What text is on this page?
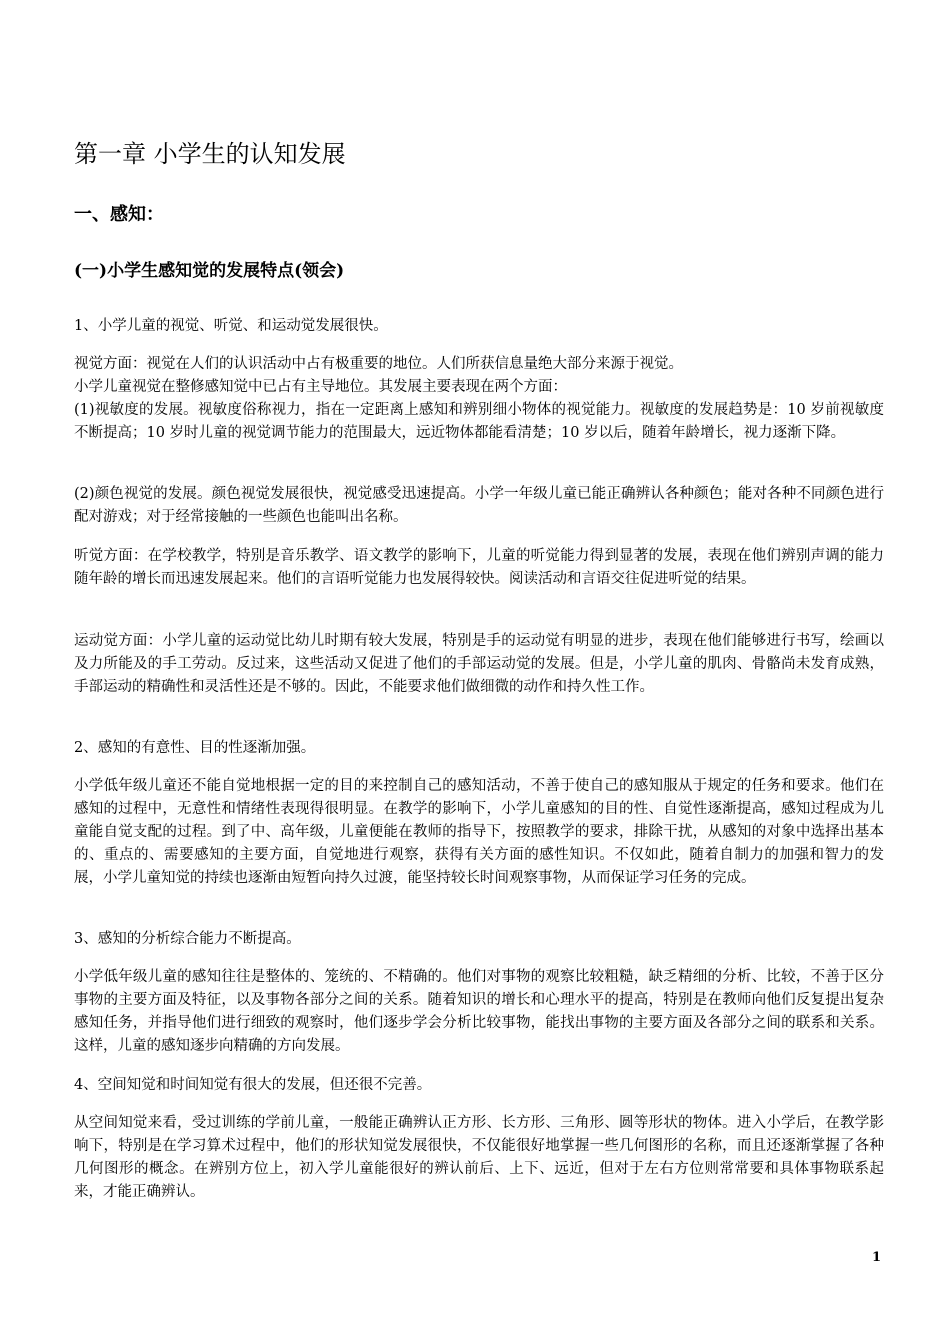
第一章 小学生的认知发展
一、感知：
(一)小学生感知觉的发展特点(领会)

1、小学儿童的视觉、听觉、和运动觉发展很快。

视觉方面：视觉在人们的认识活动中占有极重要的地位。人们所获信息量绝大部分来源于视觉。

小学儿童视觉在整修感知觉中已占有主导地位。其发展主要表现在两个方面：

(1)视敏度的发展。视敏度俗称视力，指在一定距离上感知和辨别细小物体的视觉能力。视敏度的发展趋势是：10 岁前视敏度不断提高；10 岁时儿童的视觉调节能力的范围最大，远近物体都能看清楚；10 岁以后，随着年龄增长，视力逐渐下降。

(2)颜色视觉的发展。颜色视觉发展很快，视觉感受迅速提高。小学一年级儿童已能正确辨认各种颜色；能对各种不同颜色进行配对游戏；对于经常接触的一些颜色也能叫出名称。

听觉方面：在学校教学，特别是音乐教学、语文教学的影响下，儿童的听觉能力得到显著的发展，表现在他们辨别声调的能力随年龄的增长而迅速发展起来。他们的言语听觉能力也发展得较快。阅读活动和言语交往促进听觉的结果。

运动觉方面：小学儿童的运动觉比幼儿时期有较大发展，特别是手的运动觉有明显的进步，表现在他们能够进行书写，绘画以及力所能及的手工劳动。反过来，这些活动又促进了他们的手部运动觉的发展。但是，小学儿童的肌肉、骨骼尚未发育成熟，手部运动的精确性和灵活性还是不够的。因此，不能要求他们做细微的动作和持久性工作。

2、感知的有意性、目的性逐渐加强。

小学低年级儿童还不能自觉地根据一定的目的来控制自己的感知活动，不善于使自己的感知服从于规定的任务和要求。他们在感知的过程中，无意性和情绪性表现得很明显。在教学的影响下，小学儿童感知的目的性、自觉性逐渐提高，感知过程成为儿童能自觉支配的过程。到了中、高年级，儿童便能在教师的指导下，按照教学的要求，排除干扰，从感知的对象中选择出基本的、重点的、需要感知的主要方面，自觉地进行观察，获得有关方面的感性知识。不仅如此，随着自制力的加强和智力的发展，小学儿童知觉的持续也逐渐由短暂向持久过渡，能坚持较长时间观察事物，从而保证学习任务的完成。

3、感知的分析综合能力不断提高。

小学低年级儿童的感知往往是整体的、笼统的、不精确的。他们对事物的观察比较粗糙，缺乏精细的分析、比较，不善于区分事物的主要方面及特征，以及事物各部分之间的关系。随着知识的增长和心理水平的提高，特别是在教师向他们反复提出复杂感知任务，并指导他们进行细致的观察时，他们逐步学会分析比较事物，能找出事物的主要方面及各部分之间的联系和关系。这样，儿童的感知逐步向精确的方向发展。

4、空间知觉和时间知觉有很大的发展，但还很不完善。

从空间知觉来看，受过训练的学前儿童，一般能正确辨认正方形、长方形、三角形、圆等形状的物体。进入小学后，在教学影响下，特别是在学习算术过程中，他们的形状知觉发展很快，不仅能很好地掌握一些几何图形的名称，而且还逐渐掌握了各种几何图形的概念。在辨别方位上，初入学儿童能很好的辨认前后、上下、远近，但对于左右方位则常常要和具体事物联系起来，才能正确辨认。

1
